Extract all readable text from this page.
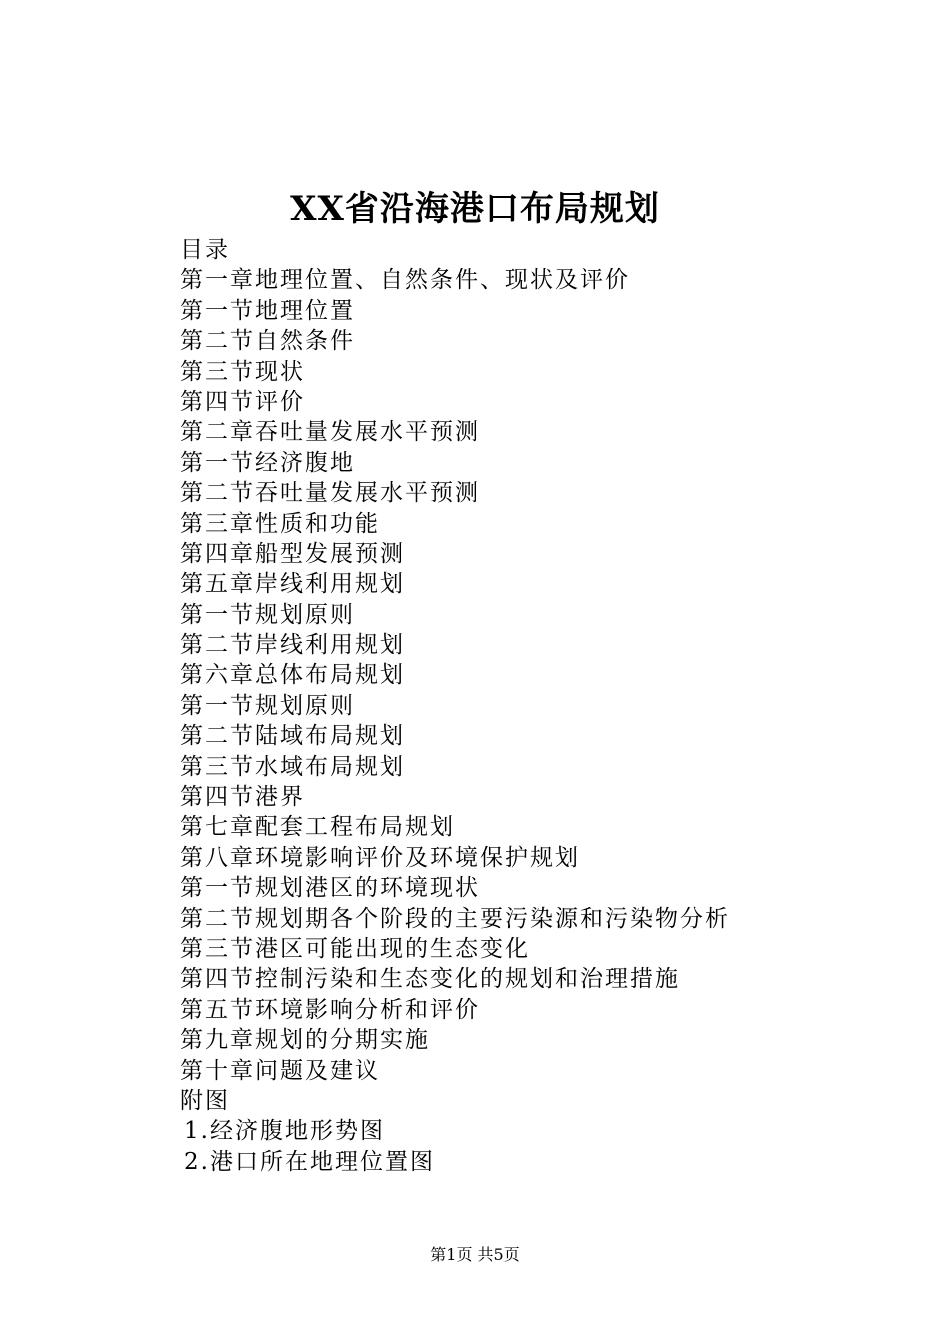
XX省沿海港口布局规划
目录
第一章地理位置、自然条件、现状及评价
第一节地理位置
第二节自然条件
第三节现状
第四节评价
第二章吞吐量发展水平预测
第一节经济腹地
第二节吞吐量发展水平预测
第三章性质和功能
第四章船型发展预测
第五章岸线利用规划
第一节规划原则
第二节岸线利用规划
第六章总体布局规划
第一节规划原则
第二节陆域布局规划
第三节水域布局规划
第四节港界
第七章配套工程布局规划
第八章环境影响评价及环境保护规划
第一节规划港区的环境现状
第二节规划期各个阶段的主要污染源和污染物分析
第三节港区可能出现的生态变化
第四节控制污染和生态变化的规划和治理措施
第五节环境影响分析和评价
第九章规划的分期实施
第十章问题及建议
附图
1.经济腹地形势图
2.港口所在地理位置图

第1页 共5页
